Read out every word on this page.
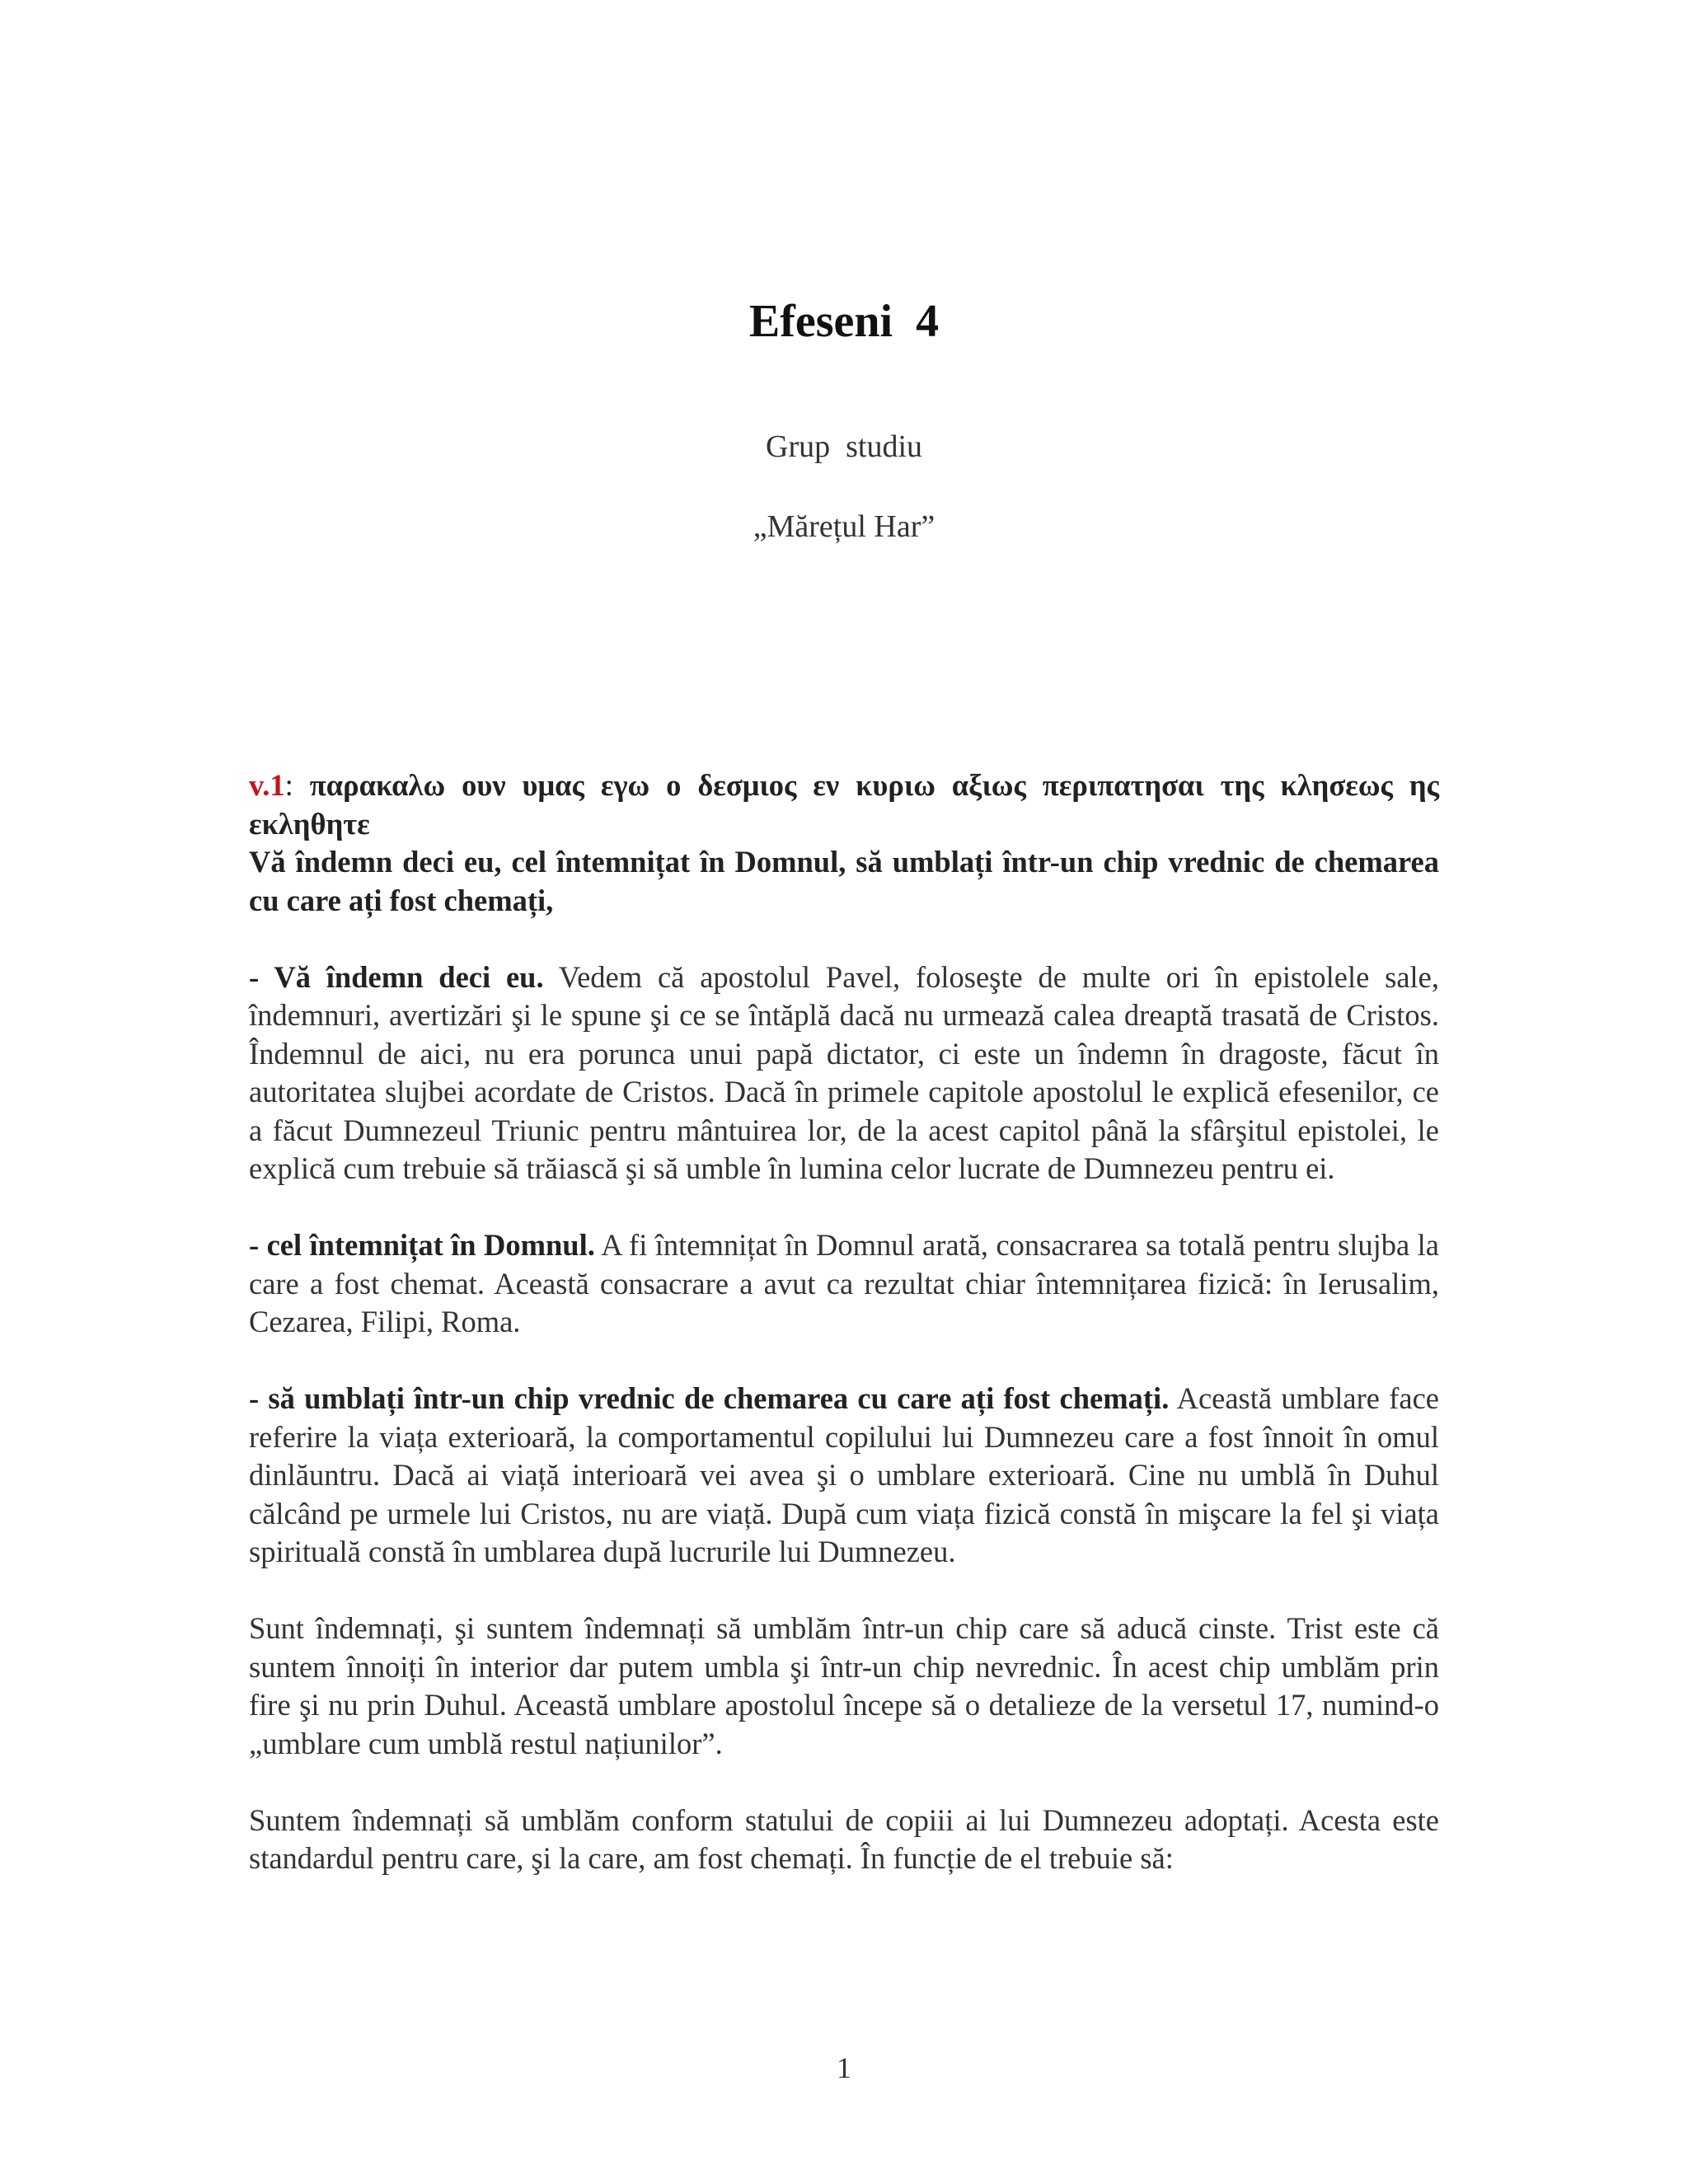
Efeseni  4
Grup  studiu
„Mărețul Har”

v.1: παρακαλω ουν υμας εγω ο δεσμιος εν κυριω αξιως περιπατησαι της κλησεως ης εκληθητε

Vă îndemn deci eu, cel întemnițat în Domnul, să umblați într-un chip vrednic de chemarea cu care ați fost chemați,

- Vă îndemn deci eu. Vedem că apostolul Pavel, foloseşte de multe ori în epistolele sale, îndemnuri, avertizări şi le spune şi ce se întăplă dacă nu urmează calea dreaptă trasată de Cristos. Îndemnul de aici, nu era porunca unui papă dictator, ci este un îndemn în dragoste, făcut în autoritatea slujbei acordate de Cristos. Dacă în primele capitole apostolul le explică efesenilor, ce a făcut Dumnezeul Triunic pentru mântuirea lor, de la acest capitol până la sfârşitul epistolei, le explică cum trebuie să trăiască şi să umble în lumina celor lucrate de Dumnezeu pentru ei.

- cel întemnițat în Domnul. A fi întemnițat în Domnul arată, consacrarea sa totală pentru slujba la care a fost chemat. Această consacrare a avut ca rezultat chiar întemnițarea fizică: în Ierusalim, Cezarea, Filipi, Roma.

- să umblați într-un chip vrednic de chemarea cu care ați fost chemați. Această umblare face referire la viața exterioară, la comportamentul copilului lui Dumnezeu care a fost înnoit în omul dinlăuntru. Dacă ai viață interioară vei avea şi o umblare exterioară. Cine nu umblă în Duhul călcând pe urmele lui Cristos, nu are viață. După cum viața fizică constă în mişcare la fel şi viața spirituală constă în umblarea după lucrurile lui Dumnezeu.

Sunt îndemnați, şi suntem îndemnați să umblăm într-un chip care să aducă cinste. Trist este că suntem înnoiți în interior dar putem umbla şi într-un chip nevrednic. În acest chip umblăm prin fire şi nu prin Duhul. Această umblare apostolul începe să o detalieze de la versetul 17, numind-o „umblare cum umblă restul națiunilor”.

Suntem îndemnați să umblăm conform statului de copiii ai lui Dumnezeu adoptați. Acesta este standardul pentru care, şi la care, am fost chemați. În funcție de el trebuie să:

1
